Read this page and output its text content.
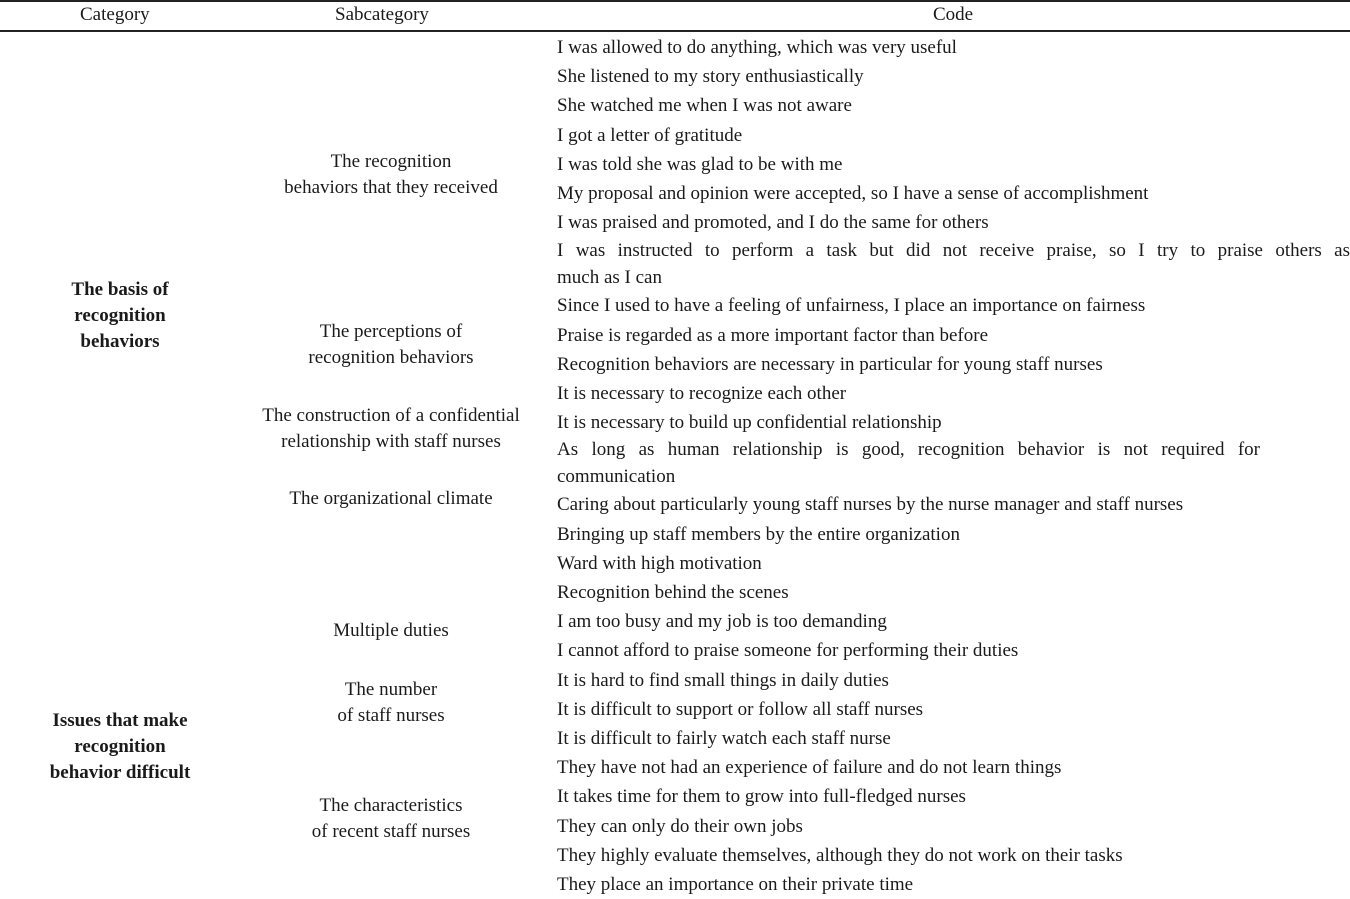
Category	Sabcategory	Code
The basis of
recognition
behaviors
Issues that make
recognition
behavior difficult
The recognition
behaviors that they received
The perceptions of
recognition behaviors
The construction of a confidential
relationship with staff nurses
The organizational climate
Multiple duties
The number
of staff nurses
The characteristics
of recent staff nurses
I was allowed to do anything, which was very useful
She listened to my story enthusiastically
She watched me when I was not aware
I got a letter of gratitude
I was told she was glad to be with me
My proposal and opinion were accepted, so I have a sense of accomplishment
I was praised and promoted, and I do the same for others
I was instructed to perform a task but did not receive praise, so I try to praise others as
much as I can
Since I used to have a feeling of unfairness, I place an importance on fairness
Praise is regarded as a more important factor than before
Recognition behaviors are necessary in particular for young staff nurses
It is necessary to recognize each other
It is necessary to build up confidential relationship
As long as human relationship is good, recognition behavior is not required for
communication
Caring about particularly young staff nurses by the nurse manager and staff nurses
Bringing up staff members by the entire organization
Ward with high motivation
Recognition behind the scenes
I am too busy and my job is too demanding
I cannot afford to praise someone for performing their duties
It is hard to find small things in daily duties
It is difficult to support or follow all staff nurses
It is difficult to fairly watch each staff nurse
They have not had an experience of failure and do not learn things
It takes time for them to grow into full-fledged nurses
They can only do their own jobs
They highly evaluate themselves, although they do not work on their tasks
They place an importance on their private time
